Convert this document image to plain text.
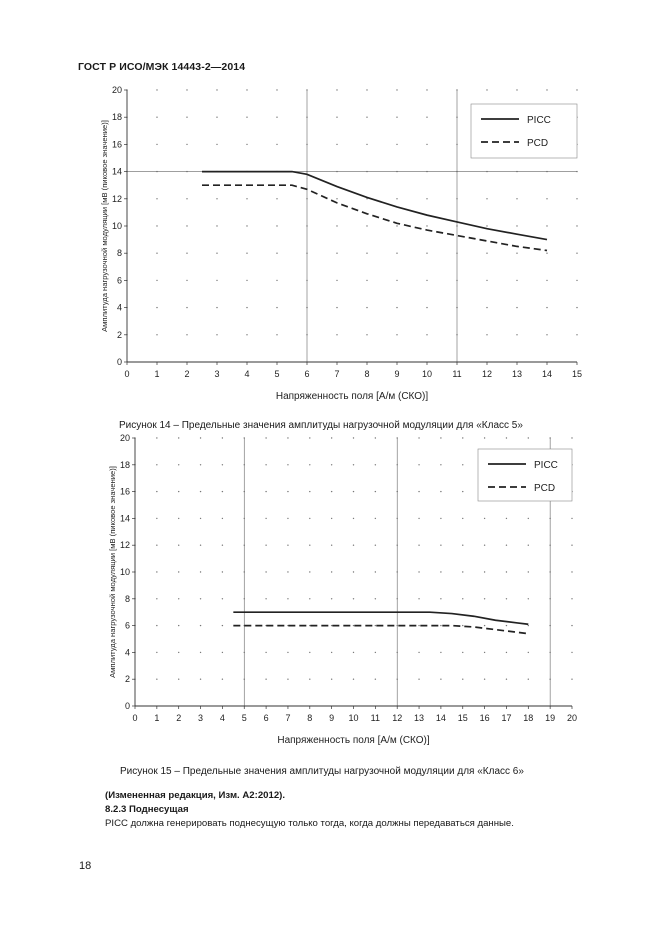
ГОСТ Р ИСО/МЭК 14443-2—2014
0	1	2	3	4	5	6	7	8	9 10 11 12 13 14 15
0
2
4
6
8
10
12
14
16
18
20
Напряженность поля [А/м (СКО)]
Амплитуда нагрузочной модуляции [мВ (пиковое значение)]	PICC
PCD
0 1 2 3 4 5 6 7 8 9 10 11 12 13 14 15 16 17 18 19 20
0
2
4
6
8
10
12
14
16
18
20
Напряженность поля [А/м (СКО)]
Амплитуда нагрузочной модуляции [мВ (пиковое значение)]
PICC
PCD
Рисунок 14 – Предельные значения амплитуды нагрузочной модуляции для «Класс 5»
Рисунок 15 – Предельные значения амплитуды нагрузочной модуляции для «Класс 6»
(Измененная редакция, Изм. A2:2012).
8.2.3 Поднесущая
PICC должна генерировать поднесущую только тогда, когда должны передаваться данные.
18
